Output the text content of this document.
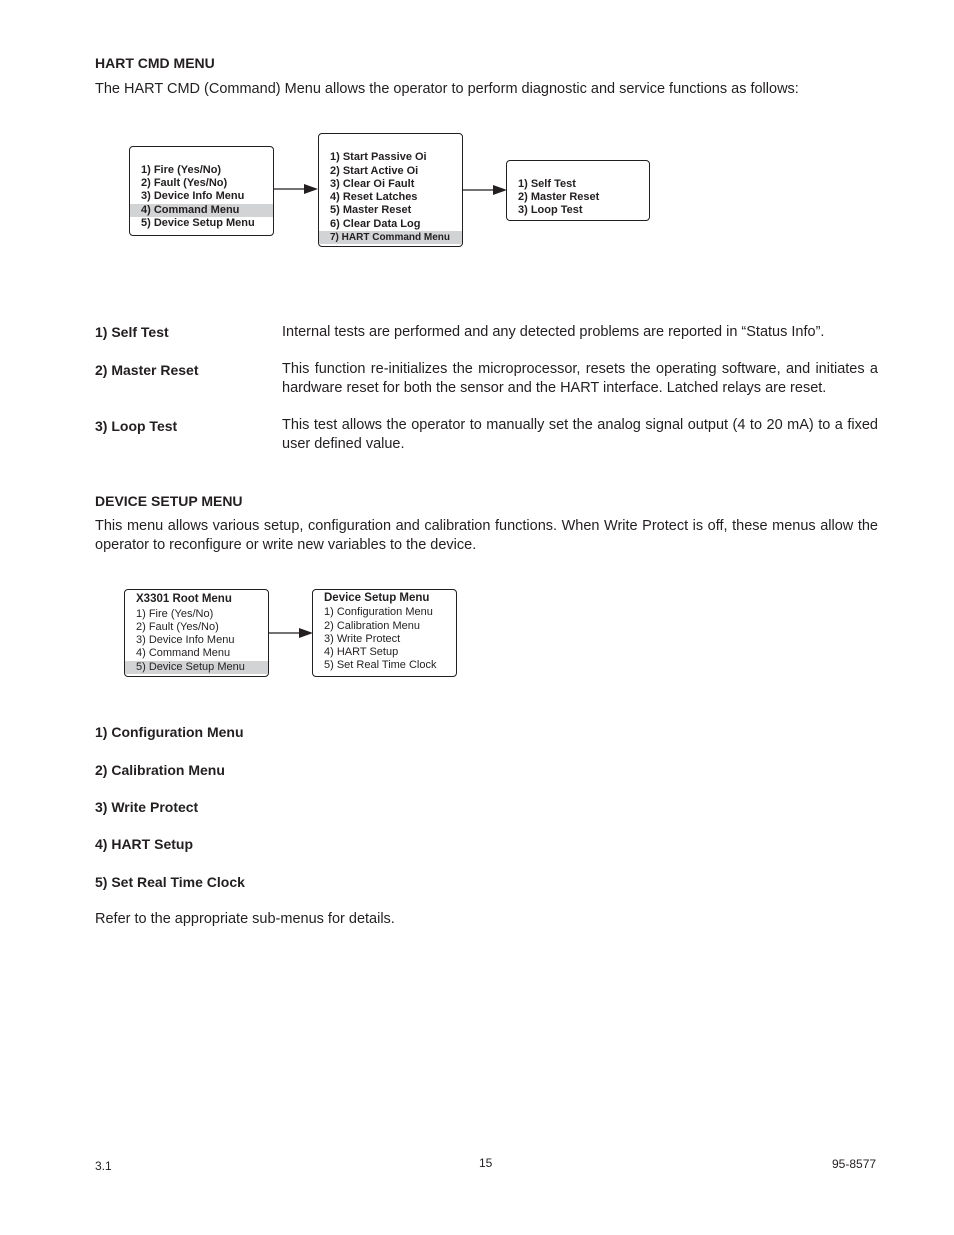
HART CMD MENU
The HART CMD (Command) Menu allows the operator to perform diagnostic and service functions as follows:
1) Fire (Yes/No)
2) Fault (Yes/No)
3) Device Info Menu
4) Command Menu
5) Device Setup Menu
1) Start Passive Oi
2) Start Active Oi
3) Clear Oi Fault
4) Reset Latches
5) Master Reset
6) Clear Data Log
7) HART Command Menu
1) Self Test
2) Master Reset
3) Loop Test
1) Self Test	Internal tests are performed and any detected problems are reported in “Status Info”.
2) Master Reset	This function re-initializes the microprocessor, resets the operating software, and initiates a hardware reset for both the sensor and the HART interface. Latched relays are reset.
3) Loop Test	This test allows the operator to manually set the analog signal output (4 to 20 mA) to a fixed user defined value.
DEVICE SETUP MENU
This menu allows various setup, configuration and calibration functions. When Write Protect is off, these menus allow the operator to reconfigure or write new variables to the device.
X3301 Root Menu
1) Fire (Yes/No)
2) Fault (Yes/No)
3) Device Info Menu
4) Command Menu
5) Device Setup Menu
Device Setup Menu
1) Configuration Menu
2) Calibration Menu
3) Write Protect
4) HART Setup
5) Set Real Time Clock
1) Configuration Menu
2) Calibration Menu
3) Write Protect
4) HART Setup
5) Set Real Time Clock
Refer to the appropriate sub-menus for details.
3.1	15	95-8577
